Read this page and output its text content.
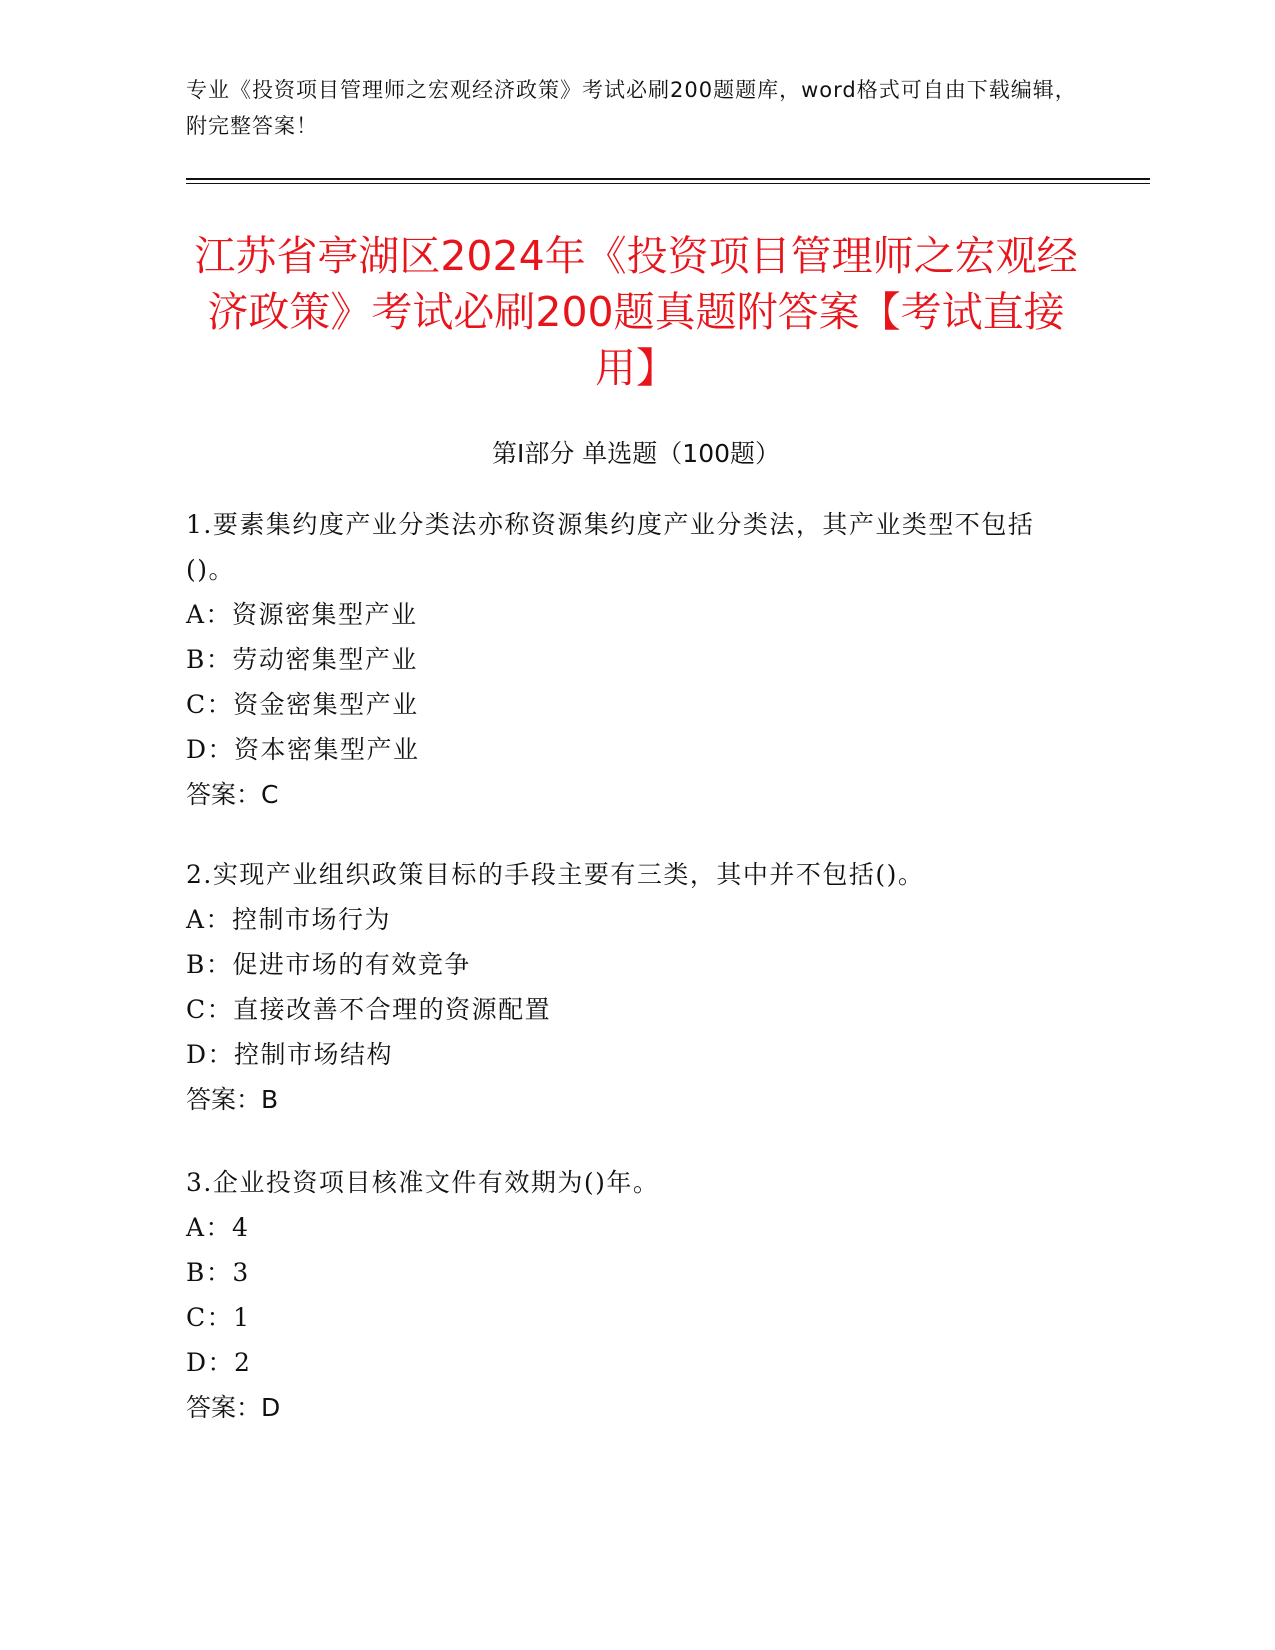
专业《投资项目管理师之宏观经济政策》考试必刷200题题库，word格式可自由下载编辑，附完整答案！
江苏省亭湖区2024年《投资项目管理师之宏观经济政策》考试必刷200题真题附答案【考试直接用】
第Ⅰ部分 单选题（100题）
1.要素集约度产业分类法亦称资源集约度产业分类法，其产业类型不包括()。
A：资源密集型产业
B：劳动密集型产业
C：资金密集型产业
D：资本密集型产业
答案：C
2.实现产业组织政策目标的手段主要有三类，其中并不包括()。
A：控制市场行为
B：促进市场的有效竞争
C：直接改善不合理的资源配置
D：控制市场结构
答案：B
3.企业投资项目核准文件有效期为()年。
A：4
B：3
C：1
D：2
答案：D
